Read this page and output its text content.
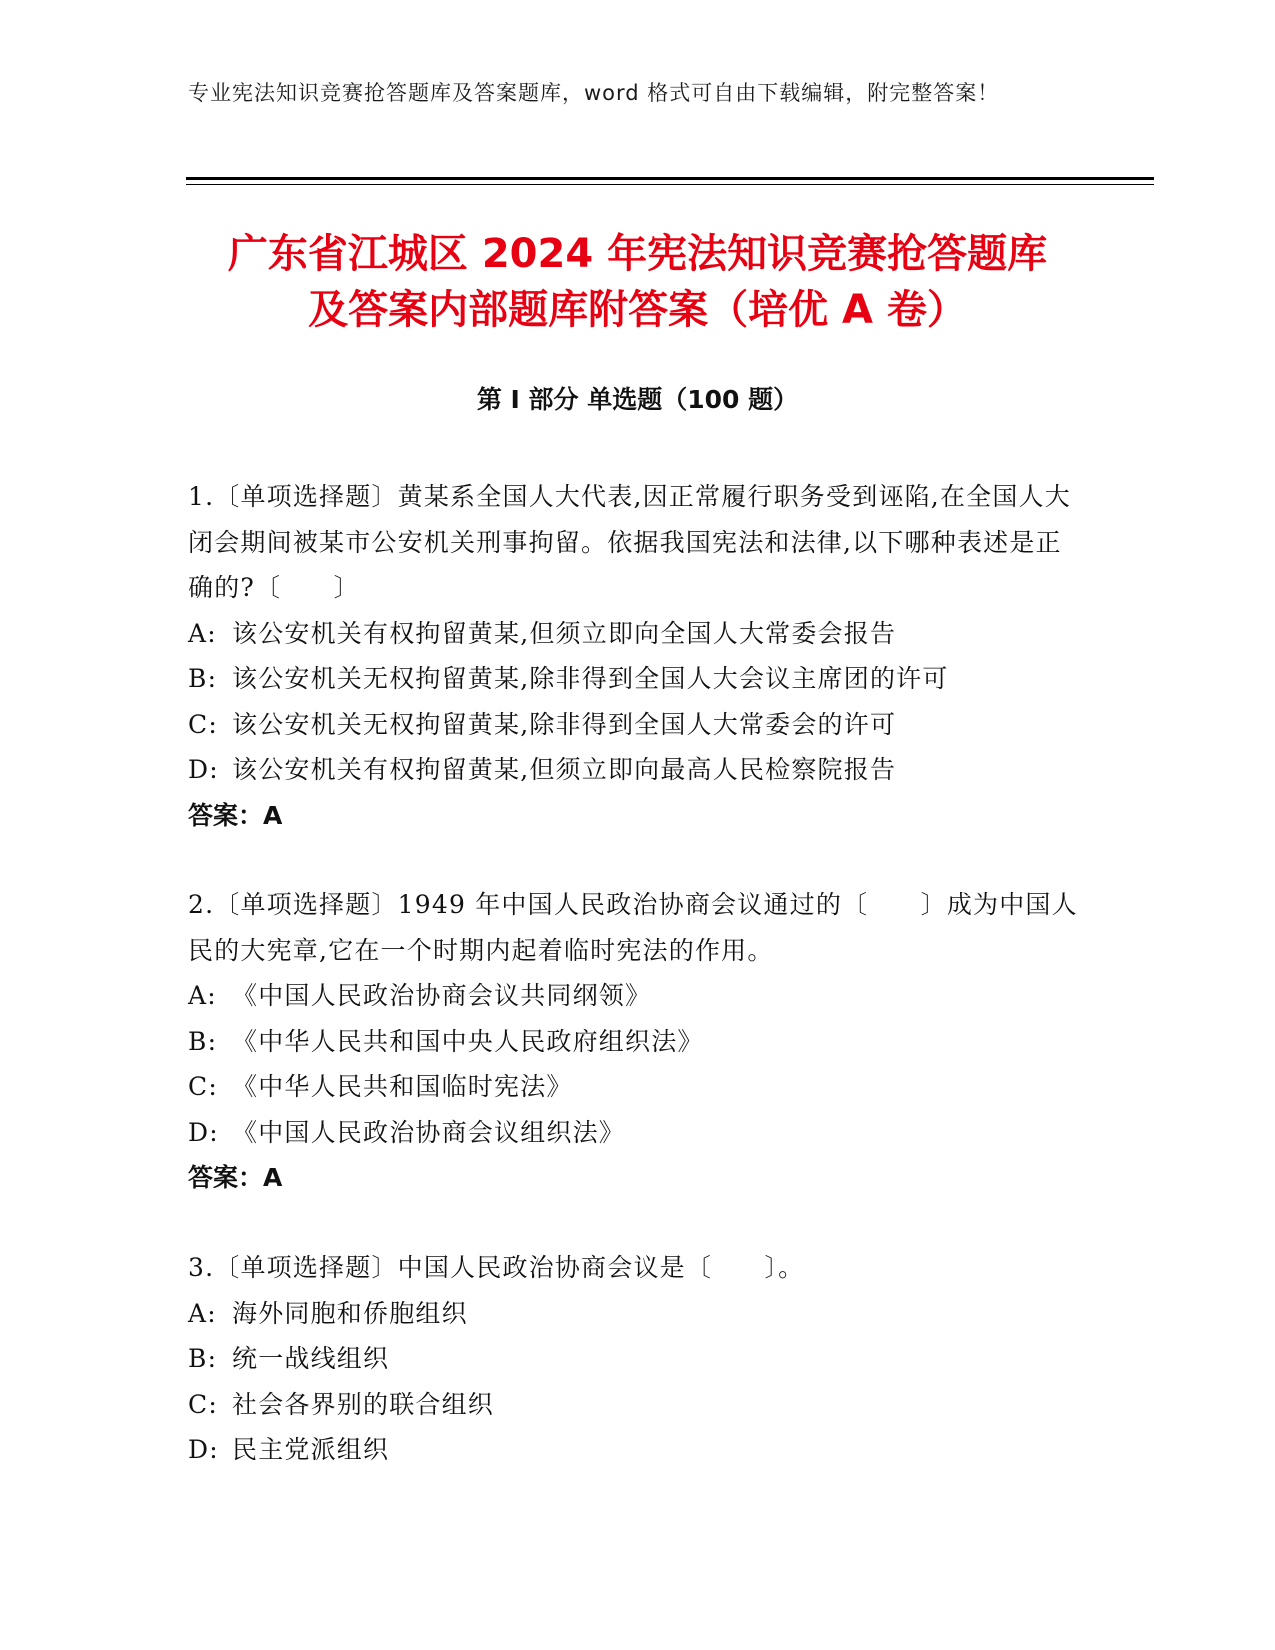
专业宪法知识竞赛抢答题库及答案题库，word 格式可自由下载编辑，附完整答案！
广东省江城区 2024 年宪法知识竞赛抢答题库
及答案内部题库附答案（培优 A 卷）
第 I 部分 单选题（100 题）
1.〔单项选择题〕黄某系全国人大代表,因正常履行职务受到诬陷,在全国人大闭会期间被某市公安机关刑事拘留。依据我国宪法和法律,以下哪种表述是正确的?〔　　〕
A: 该公安机关有权拘留黄某,但须立即向全国人大常委会报告
B: 该公安机关无权拘留黄某,除非得到全国人大会议主席团的许可
C: 该公安机关无权拘留黄某,除非得到全国人大常委会的许可
D: 该公安机关有权拘留黄某,但须立即向最高人民检察院报告
答案：A
2.〔单项选择题〕1949 年中国人民政治协商会议通过的〔　　〕成为中国人民的大宪章,它在一个时期内起着临时宪法的作用。
A: 《中国人民政治协商会议共同纲领》
B: 《中华人民共和国中央人民政府组织法》
C: 《中华人民共和国临时宪法》
D: 《中国人民政治协商会议组织法》
答案：A
3.〔单项选择题〕中国人民政治协商会议是〔　　〕。
A: 海外同胞和侨胞组织
B: 统一战线组织
C: 社会各界别的联合组织
D: 民主党派组织
